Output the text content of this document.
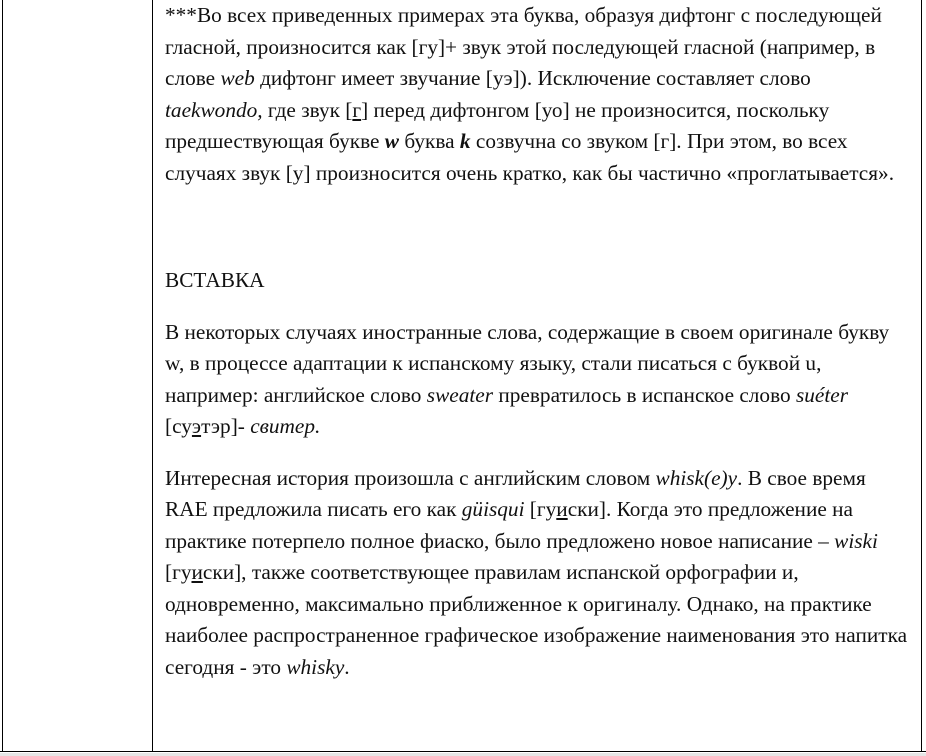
***Во всех приведенных примерах эта буква, образуя дифтонг с последующей гласной, произносится как [гу]+ звук этой последующей гласной (например, в слове web дифтонг имеет звучание [уэ]). Исключение составляет слово taekwondo, где звук [г] перед дифтонгом [уо] не произносится, поскольку предшествующая букве w буква k созвучна со звуком [г]. При этом, во всех случаях звук [у] произносится очень кратко, как бы частично «проглатывается».

ВСТАВКА

В некоторых случаях иностранные слова, содержащие в своем оригинале букву w, в процессе адаптации к испанскому языку, стали писаться с буквой u, например: английское слово sweater превратилось в испанское слово suéter [суэтэр]- свитер.

Интересная история произошла с английским словом whisk(e)y. В свое время RAE предложила писать его как güisqui [гуиски]. Когда это предложение на практике потерпело полное фиаско, было предложено новое написание – wiski [гуиски], также соответствующее правилам испанской орфографии и, одновременно, максимально приближенное к оригиналу. Однако, на практике наиболее распространенное графическое изображение наименования это напитка сегодня - это whisky.
